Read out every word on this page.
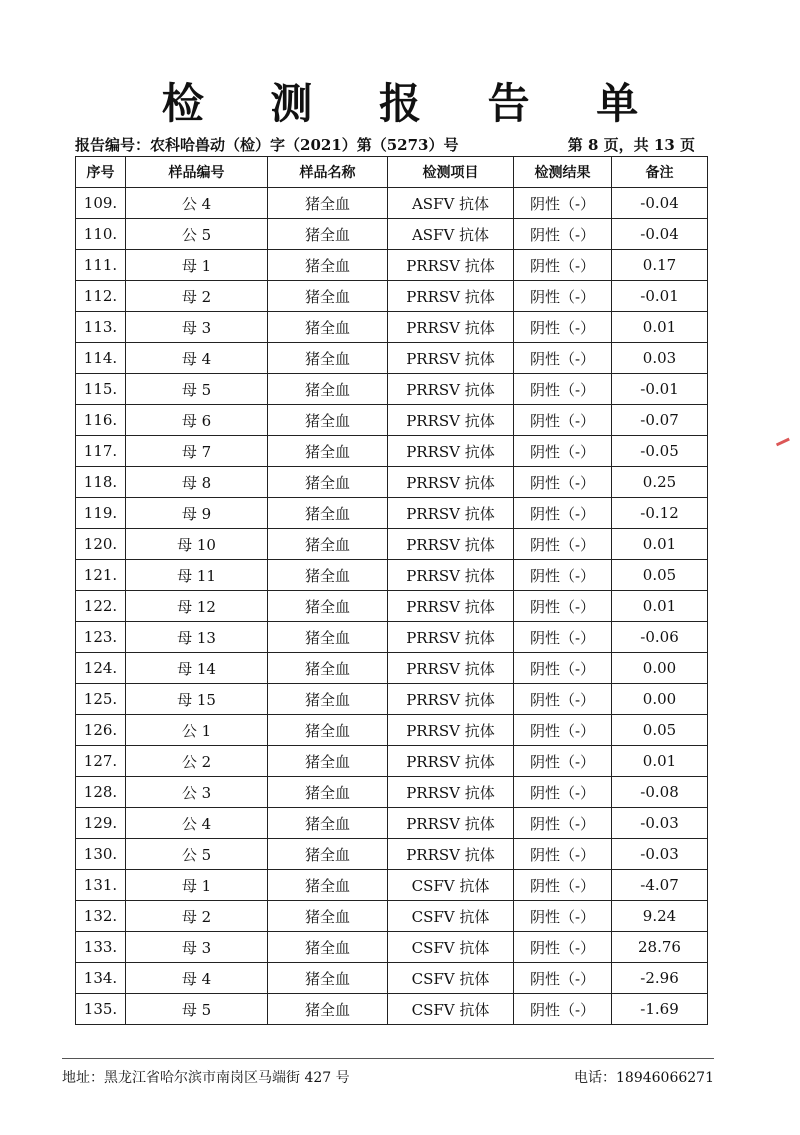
检 测 报 告 单
报告编号：农科哈兽动（检）字（2021）第（5273）号	第 8 页，共 13 页
序号	样品编号	样品名称	检测项目	检测结果	备注
109.	公 4	猪全血	ASFV 抗体	阴性（-）	-0.04
110.	公 5	猪全血	ASFV 抗体	阴性（-）	-0.04
111.	母 1	猪全血	PRRSV 抗体	阴性（-）	0.17
112.	母 2	猪全血	PRRSV 抗体	阴性（-）	-0.01
113.	母 3	猪全血	PRRSV 抗体	阴性（-）	0.01
114.	母 4	猪全血	PRRSV 抗体	阴性（-）	0.03
115.	母 5	猪全血	PRRSV 抗体	阴性（-）	-0.01
116.	母 6	猪全血	PRRSV 抗体	阴性（-）	-0.07
117.	母 7	猪全血	PRRSV 抗体	阴性（-）	-0.05
118.	母 8	猪全血	PRRSV 抗体	阴性（-）	0.25
119.	母 9	猪全血	PRRSV 抗体	阴性（-）	-0.12
120.	母 10	猪全血	PRRSV 抗体	阴性（-）	0.01
121.	母 11	猪全血	PRRSV 抗体	阴性（-）	0.05
122.	母 12	猪全血	PRRSV 抗体	阴性（-）	0.01
123.	母 13	猪全血	PRRSV 抗体	阴性（-）	-0.06
124.	母 14	猪全血	PRRSV 抗体	阴性（-）	0.00
125.	母 15	猪全血	PRRSV 抗体	阴性（-）	0.00
126.	公 1	猪全血	PRRSV 抗体	阴性（-）	0.05
127.	公 2	猪全血	PRRSV 抗体	阴性（-）	0.01
128.	公 3	猪全血	PRRSV 抗体	阴性（-）	-0.08
129.	公 4	猪全血	PRRSV 抗体	阴性（-）	-0.03
130.	公 5	猪全血	PRRSV 抗体	阴性（-）	-0.03
131.	母 1	猪全血	CSFV 抗体	阴性（-）	-4.07
132.	母 2	猪全血	CSFV 抗体	阴性（-）	9.24
133.	母 3	猪全血	CSFV 抗体	阴性（-）	28.76
134.	母 4	猪全血	CSFV 抗体	阴性（-）	-2.96
135.	母 5	猪全血	CSFV 抗体	阴性（-）	-1.69
地址：黑龙江省哈尔滨市南岗区马端街 427 号	电话：18946066271
